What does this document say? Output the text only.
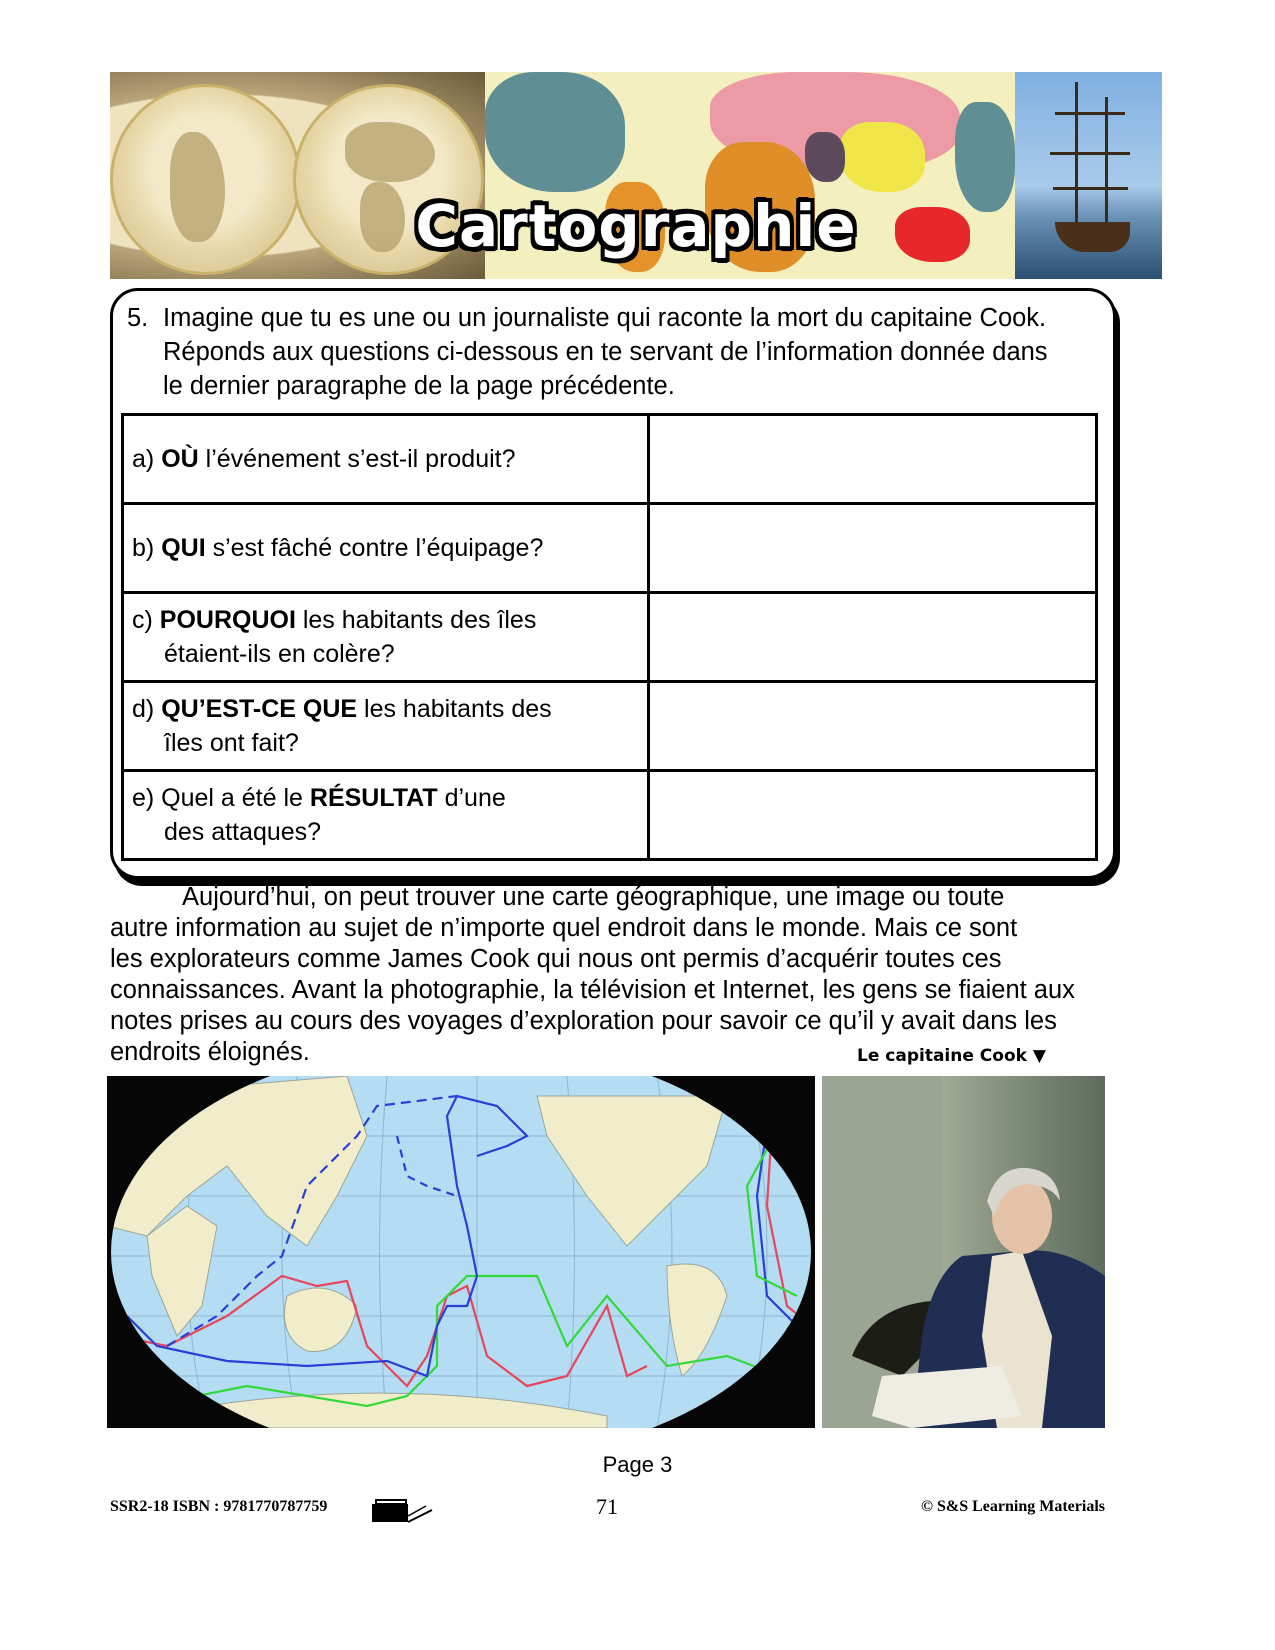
Cartographie
5. Imagine que tu es une ou un journaliste qui raconte la mort du capitaine Cook.
Réponds aux questions ci-dessous en te servant de l’information donnée dans
le dernier paragraphe de la page précédente.
a) OÙ l’événement s’est-il produit?	
b) QUI s’est fâché contre l’équipage?	
c) POURQUOI les habitants des îles
étaient-ils en colère?	

d) QU’EST-CE QUE les habitants des
îles ont fait?	

e) Quel a été le RÉSULTAT d’une
des attaques?	

Aujourd’hui, on peut trouver une carte géographique, une image ou toute
autre information au sujet de n’importe quel endroit dans le monde. Mais ce sont
les explorateurs comme James Cook qui nous ont permis d’acquérir toutes ces
connaissances. Avant la photographie, la télévision et Internet, les gens se fiaient aux
notes prises au cours des voyages d’exploration pour savoir ce qu’il y avait dans les
endroits éloignés.	Le capitaine Cook ▼
Page 3
SSR2-18 ISBN : 9781770787759	71	© S&S Learning Materials
